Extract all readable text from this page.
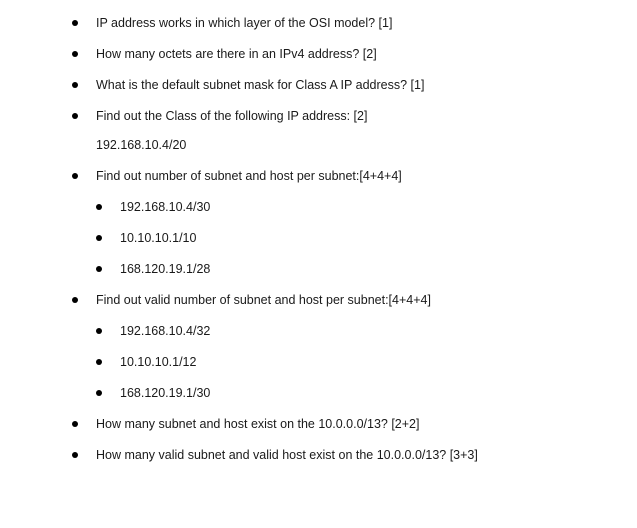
IP address works in which layer of the OSI model? [1]
How many octets are there in an IPv4 address? [2]
What is the default subnet mask for Class A IP address? [1]
Find out the Class of the following IP address: [2]
192.168.10.4/20
Find out number of subnet and host per subnet:[4+4+4]
192.168.10.4/30
10.10.10.1/10
168.120.19.1/28
Find out valid number of subnet and host per subnet:[4+4+4]
192.168.10.4/32
10.10.10.1/12
168.120.19.1/30
How many subnet and host exist on the 10.0.0.0/13? [2+2]
How many valid subnet and valid host exist on the 10.0.0.0/13? [3+3]
